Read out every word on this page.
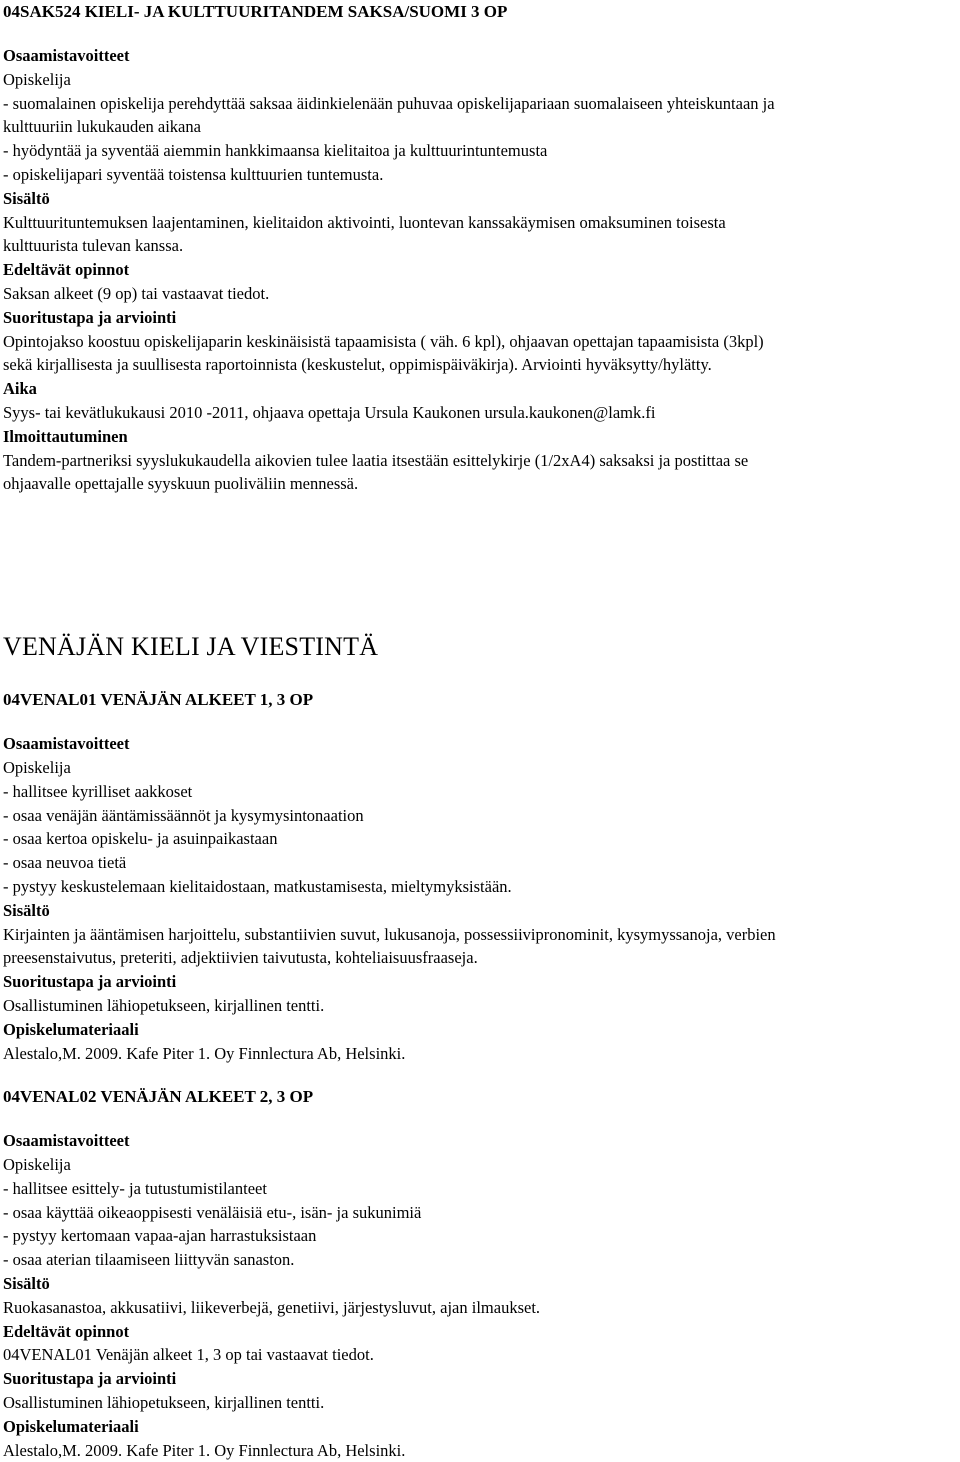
04SAK524 KIELI- JA KULTTUURITANDEM SAKSA/SUOMI 3 OP
Osaamistavoitteet
Opiskelija
- suomalainen opiskelija perehdyttää saksaa äidinkielenään puhuvaa opiskelijapariaan suomalaiseen yhteiskuntaan ja
kulttuuriin lukukauden aikana
- hyödyntää ja syventää aiemmin hankkimaansa kielitaitoa ja kulttuurintuntemusta
- opiskelijapari syventää toistensa kulttuurien tuntemusta.
Sisältö
Kulttuurituntemuksen laajentaminen, kielitaidon aktivointi, luontevan kanssakäymisen omaksuminen toisesta
kulttuurista tulevan kanssa.
Edeltävät opinnot
Saksan alkeet (9 op) tai vastaavat tiedot.
Suoritustapa ja arviointi
Opintojakso koostuu opiskelijaparin keskinäisistä tapaamisista ( väh. 6 kpl), ohjaavan opettajan tapaamisista (3kpl)
sekä kirjallisesta ja suullisesta raportoinnista (keskustelut, oppimispäiväkirja). Arviointi hyväksytty/hylätty.
Aika
Syys- tai kevätlukukausi 2010 -2011, ohjaava opettaja Ursula Kaukonen ursula.kaukonen@lamk.fi
Ilmoittautuminen
Tandem-partneriksi syyslukukaudella aikovien tulee laatia itsestään esittelykirje (1/2xA4) saksaksi ja postittaa se
ohjaavalle opettajalle syyskuun puoliväliin mennessä.
VENÄJÄN KIELI JA VIESTINTÄ
04VENAL01 VENÄJÄN ALKEET 1, 3 OP
Osaamistavoitteet
Opiskelija
- hallitsee kyrilliset aakkoset
- osaa venäjän ääntämissäännöt ja kysymysintonaation
- osaa kertoa opiskelu- ja asuinpaikastaan
- osaa neuvoa tietä
- pystyy keskustelemaan kielitaidostaan, matkustamisesta, mieltymyksistään.
Sisältö
Kirjainten ja ääntämisen harjoittelu, substantiivien suvut, lukusanoja, possessiivipronominit, kysymyssanoja, verbien
preesenstaivutus, preteriti, adjektiivien taivutusta, kohteliaisuusfraaseja.
Suoritustapa ja arviointi
Osallistuminen lähiopetukseen, kirjallinen tentti.
Opiskelumateriaali
Alestalo,M. 2009. Kafe Piter 1. Oy Finnlectura Ab, Helsinki.
04VENAL02 VENÄJÄN ALKEET 2, 3 OP
Osaamistavoitteet
Opiskelija
- hallitsee esittely- ja tutustumistilanteet
- osaa käyttää oikeaoppisesti venäläisiä etu-, isän- ja sukunimiä
- pystyy kertomaan vapaa-ajan harrastuksistaan
- osaa aterian tilaamiseen liittyvän sanaston.
Sisältö
Ruokasanastoa, akkusatiivi, liikeverbejä, genetiivi, järjestysluvut, ajan ilmaukset.
Edeltävät opinnot
04VENAL01 Venäjän alkeet 1, 3 op tai vastaavat tiedot.
Suoritustapa ja arviointi
Osallistuminen lähiopetukseen, kirjallinen tentti.
Opiskelumateriaali
Alestalo,M. 2009. Kafe Piter 1. Oy Finnlectura Ab, Helsinki.
